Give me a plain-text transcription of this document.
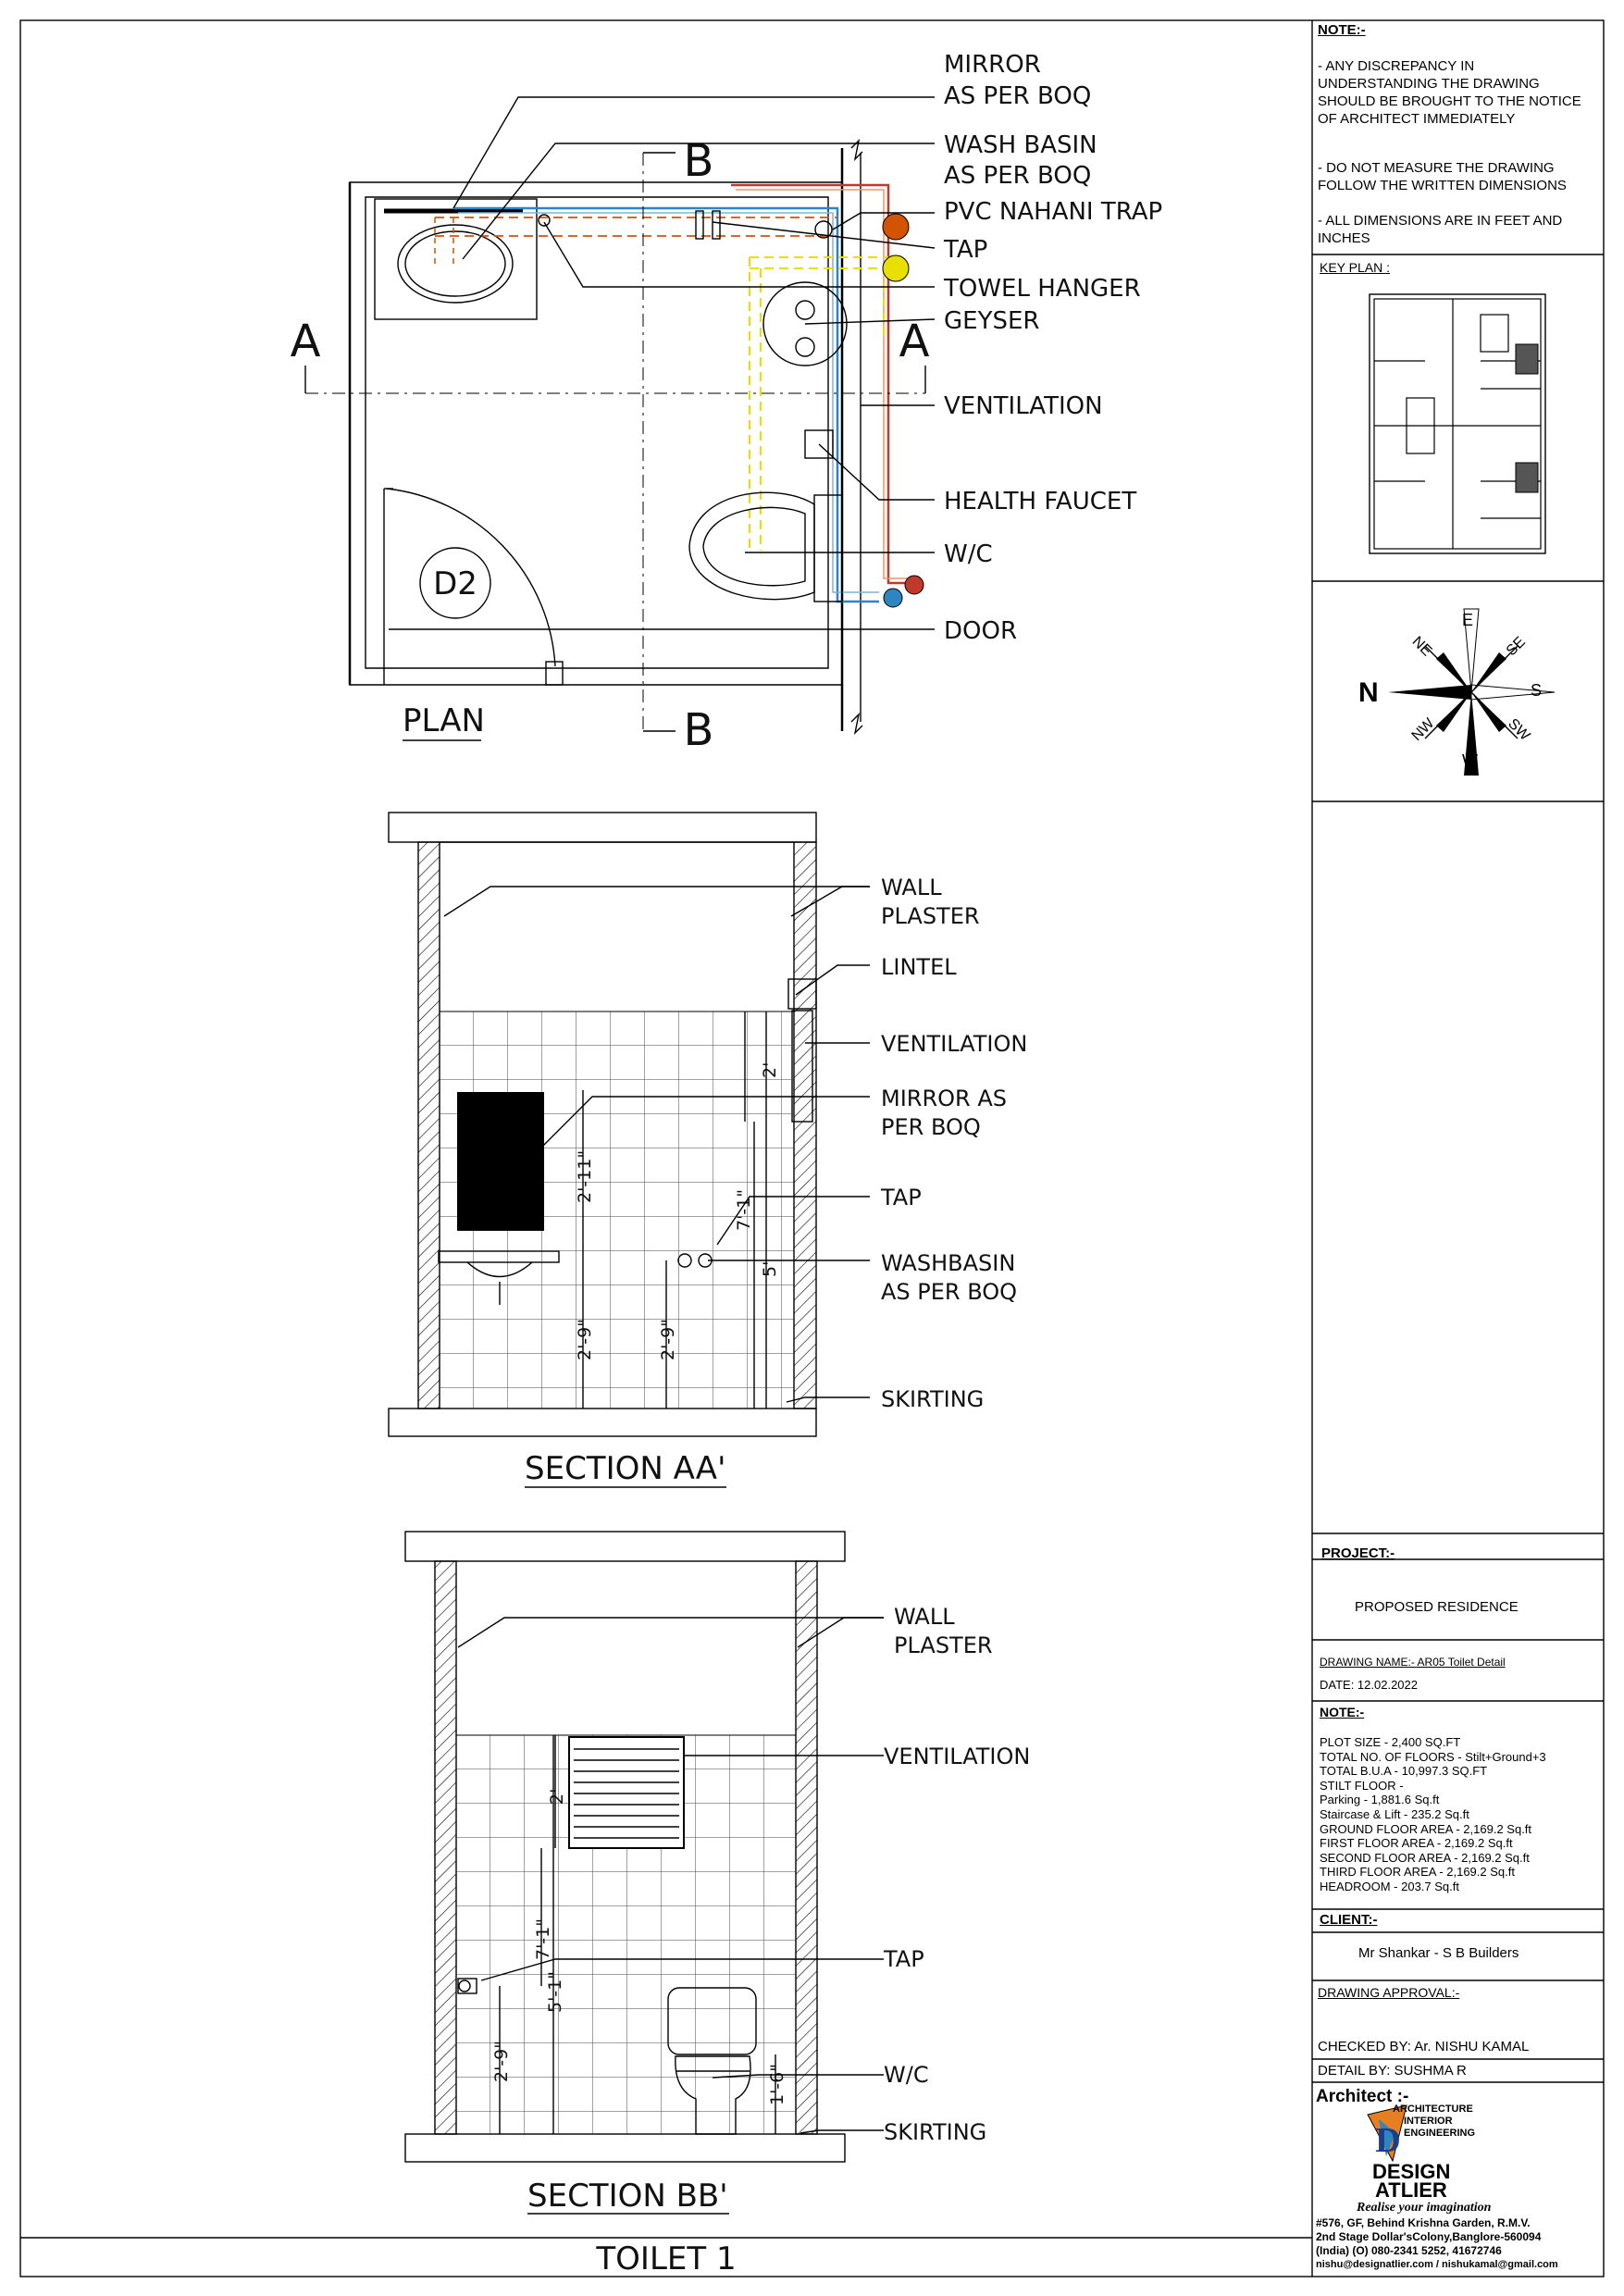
D2
A	A
B
B
MIRROR
AS PER BOQ
WASH BASIN
AS PER BOQ
PVC NAHANI TRAP
TAP
TOWEL HANGER
GEYSER
VENTILATION
HEALTH FAUCET
W/C
DOOR
PLAN
2'-11"
2'
7'-1"
5'
2'-9"	2'-9"
WALL
PLASTER
LINTEL
VENTILATION
MIRROR AS
PER BOQ
TAP
WASHBASIN
AS PER BOQ
SKIRTING
SECTION AA'
2'
7'-1"
5'-1"
2'-9"
1'-6"
WALL
PLASTER
VENTILATION
TAP
W/C
SKIRTING
SECTION BB'
TOILET 1
D
NOTE:-
- ANY DISCREPANCY IN UNDERSTANDING THE DRAWING SHOULD BE BROUGHT TO THE NOTICE OF ARCHITECT IMMEDIATELY
- DO NOT MEASURE THE DRAWING FOLLOW THE WRITTEN DIMENSIONS
- ALL DIMENSIONS ARE IN FEET AND INCHES
KEY PLAN :
N
E
S
W
NE	SE
SW
NW
PROJECT:-
PROPOSED RESIDENCE
DRAWING NAME:- AR05 Toilet Detail
DATE: 12.02.2022
NOTE:-
PLOT SIZE - 2,400 SQ.FT
TOTAL NO. OF FLOORS - Stilt+Ground+3
TOTAL B.U.A - 10,997.3 SQ.FT
STILT FLOOR -
Parking - 1,881.6 Sq.ft
Staircase & Lift - 235.2 Sq.ft
GROUND FLOOR AREA - 2,169.2 Sq.ft
FIRST FLOOR AREA - 2,169.2 Sq.ft
SECOND FLOOR AREA - 2,169.2 Sq.ft
THIRD FLOOR AREA - 2,169.2 Sq.ft
HEADROOM - 203.7 Sq.ft
CLIENT:-
Mr Shankar - S B Builders
DRAWING APPROVAL:-
CHECKED BY: Ar. NISHU KAMAL
DETAIL BY: SUSHMA R
Architect :-
ARCHITECTURE
INTERIOR
ENGINEERING
DESIGN
ATLIER
Realise your imagination
#576, GF, Behind Krishna Garden, R.M.V.
2nd Stage Dollar'sColony,Banglore-560094
(India) (O) 080-2341 5252, 41672746
nishu@designatlier.com / nishukamal@gmail.com
